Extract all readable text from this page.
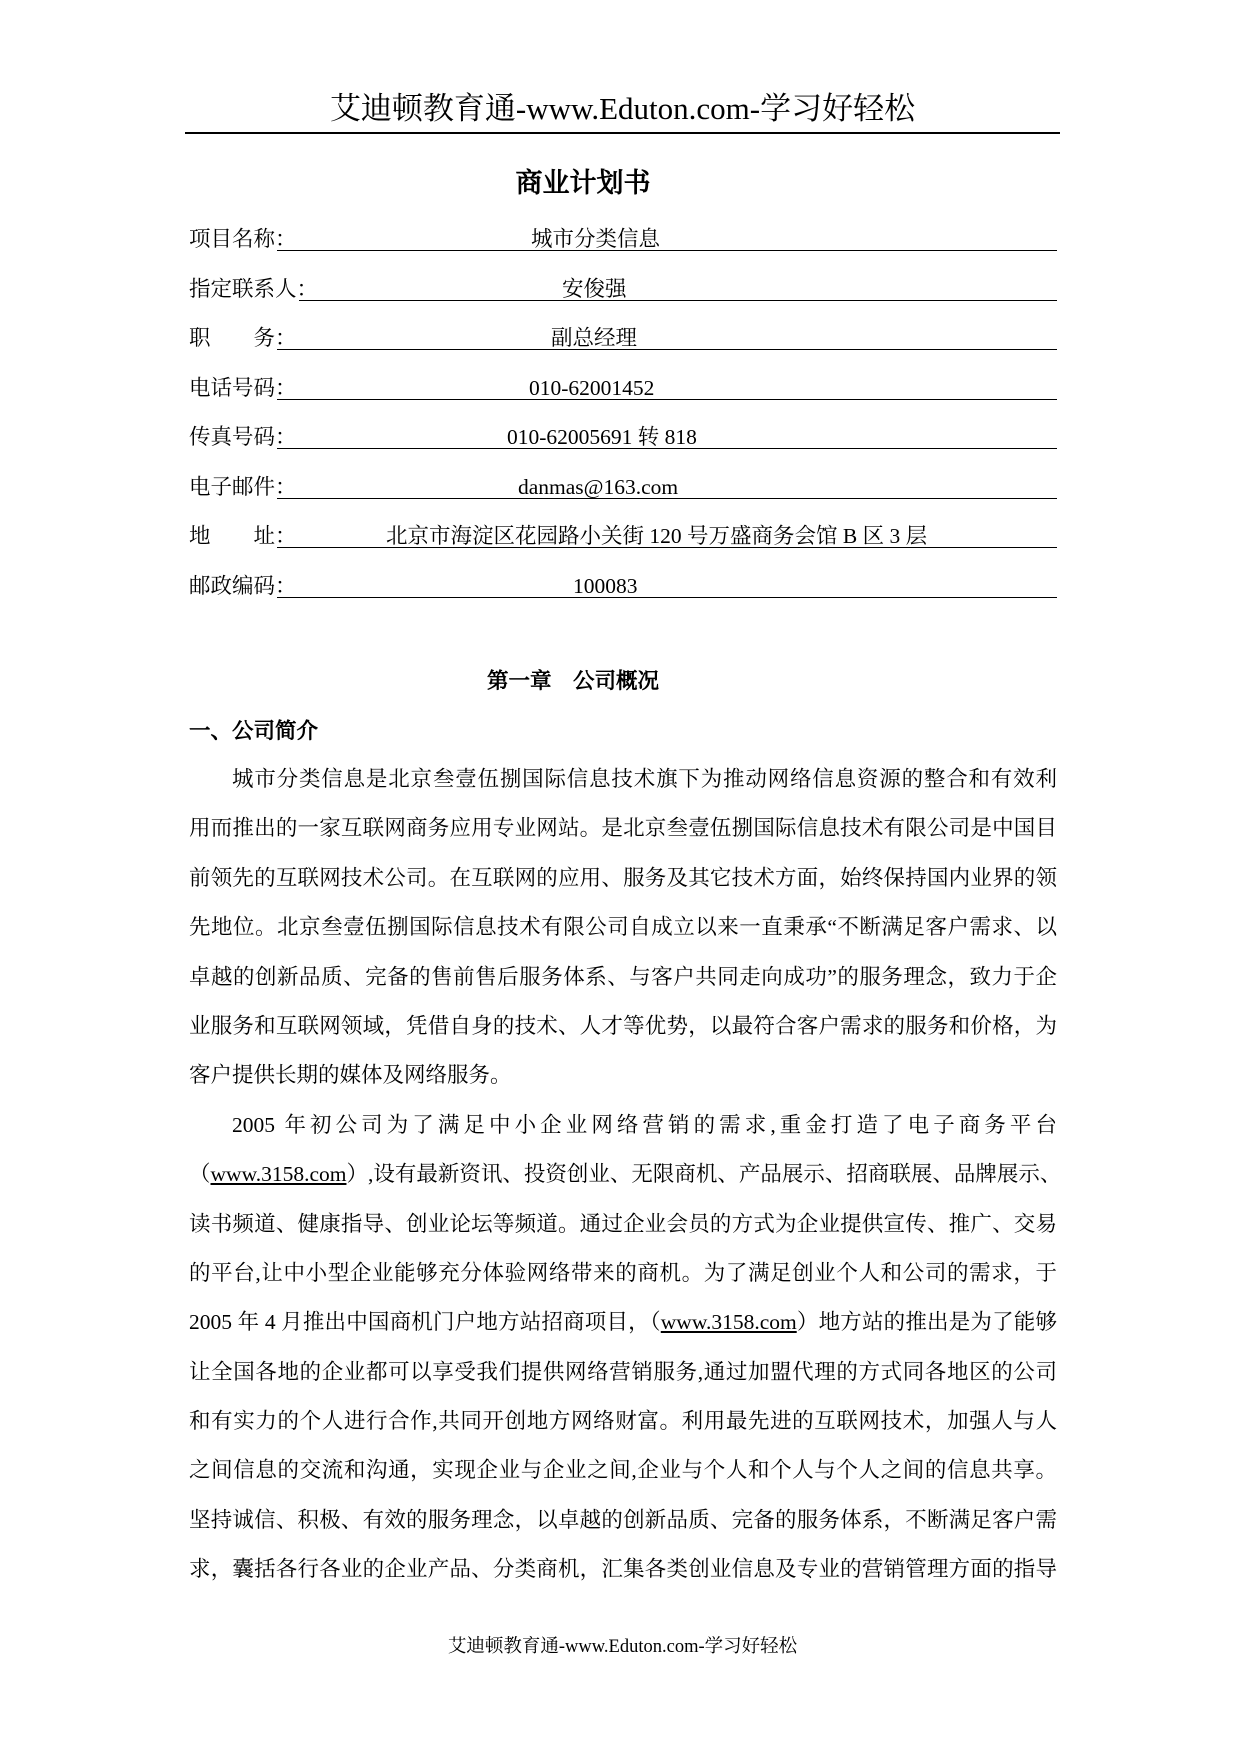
艾迪顿教育通-www.Eduton.com-学习好轻松
商业计划书
项目名称：	城市分类信息
指定联系人：	安俊强
职　　务：	副总经理
电话号码：	010-62001452
传真号码：	010-62005691 转 818
电子邮件：	danmas@163.com
地　　址：	北京市海淀区花园路小关街 120 号万盛商务会馆 B 区 3 层
邮政编码：	100083
第一章　公司概况
一、公司简介
城市分类信息是北京叁壹伍捌国际信息技术旗下为推动网络信息资源的整合和有效利
用而推出的一家互联网商务应用专业网站。是北京叁壹伍捌国际信息技术有限公司是中国目
前领先的互联网技术公司。在互联网的应用、服务及其它技术方面，始终保持国内业界的领
先地位。北京叁壹伍捌国际信息技术有限公司自成立以来一直秉承“不断满足客户需求、以
卓越的创新品质、完备的售前售后服务体系、与客户共同走向成功”的服务理念，致力于企
业服务和互联网领域，凭借自身的技术、人才等优势，以最符合客户需求的服务和价格，为
客户提供长期的媒体及网络服务。
2005 年初公司为了满足中小企业网络营销的需求,重金打造了电子商务平台
（www.3158.com）,设有最新资讯、投资创业、无限商机、产品展示、招商联展、品牌展示、
读书频道、健康指导、创业论坛等频道。通过企业会员的方式为企业提供宣传、推广、交易
的平台,让中小型企业能够充分体验网络带来的商机。为了满足创业个人和公司的需求，于
2005 年 4 月推出中国商机门户地方站招商项目，（www.3158.com）地方站的推出是为了能够
让全国各地的企业都可以享受我们提供网络营销服务,通过加盟代理的方式同各地区的公司
和有实力的个人进行合作,共同开创地方网络财富。利用最先进的互联网技术，加强人与人
之间信息的交流和沟通，实现企业与企业之间,企业与个人和个人与个人之间的信息共享。
坚持诚信、积极、有效的服务理念，以卓越的创新品质、完备的服务体系，不断满足客户需
求，囊括各行各业的企业产品、分类商机，汇集各类创业信息及专业的营销管理方面的指导
艾迪顿教育通-www.Eduton.com-学习好轻松
